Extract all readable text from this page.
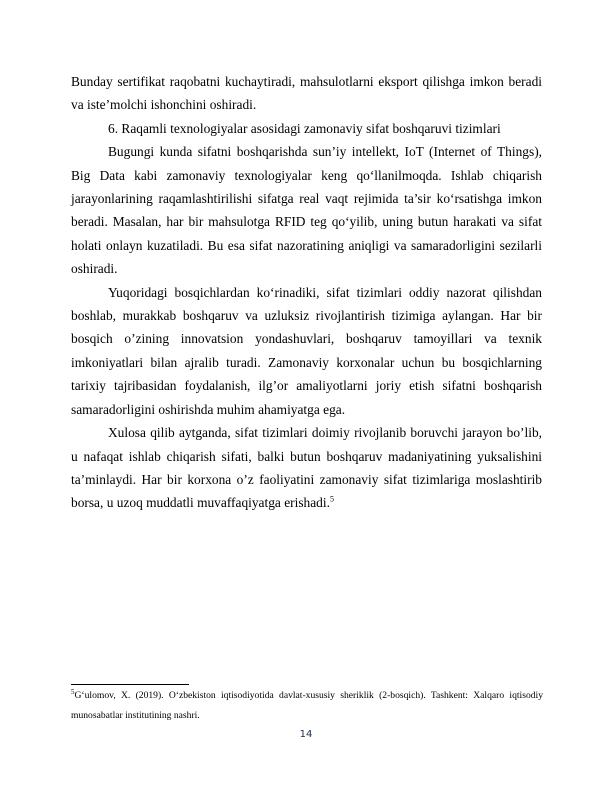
Bunday sertifikat raqobatni kuchaytiradi, mahsulotlarni eksport qilishga imkon beradi va iste’molchi ishonchini oshiradi.

6. Raqamli texnologiyalar asosidagi zamonaviy sifat boshqaruvi tizimlari

Bugungi kunda sifatni boshqarishda sun’iy intellekt, IoT (Internet of Things), Big Data kabi zamonaviy texnologiyalar keng qo‘llanilmoqda. Ishlab chiqarish jarayonlarining raqamlashtirilishi sifatga real vaqt rejimida ta’sir ko‘rsatishga imkon beradi. Masalan, har bir mahsulotga RFID teg qo‘yilib, uning butun harakati va sifat holati onlayn kuzatiladi. Bu esa sifat nazoratining aniqligi va samaradorligini sezilarli oshiradi.

Yuqoridagi bosqichlardan ko‘rinadiki, sifat tizimlari oddiy nazorat qilishdan boshlab, murakkab boshqaruv va uzluksiz rivojlantirish tizimiga aylangan. Har bir bosqich o’zining innovatsion yondashuvlari, boshqaruv tamoyillari va texnik imkoniyatlari bilan ajralib turadi. Zamonaviy korxonalar uchun bu bosqichlarning tarixiy tajribasidan foydalanish, ilg’or amaliyotlarni joriy etish sifatni boshqarish samaradorligini oshirishda muhim ahamiyatga ega.

Xulosa qilib aytganda, sifat tizimlari doimiy rivojlanib boruvchi jarayon bo’lib, u nafaqat ishlab chiqarish sifati, balki butun boshqaruv madaniyatining yuksalishini ta’minlaydi. Har bir korxona o’z faoliyatini zamonaviy sifat tizimlariga moslashtirib borsa, u uzoq muddatli muvaffaqiyatga erishadi.$^5$

$^5$G‘ulomov, X. (2019). O‘zbekiston iqtisodiyotida davlat-xususiy sheriklik (2-bosqich). Tashkent: Xalqaro iqtisodiy munosabatlar institutining nashri.
14
